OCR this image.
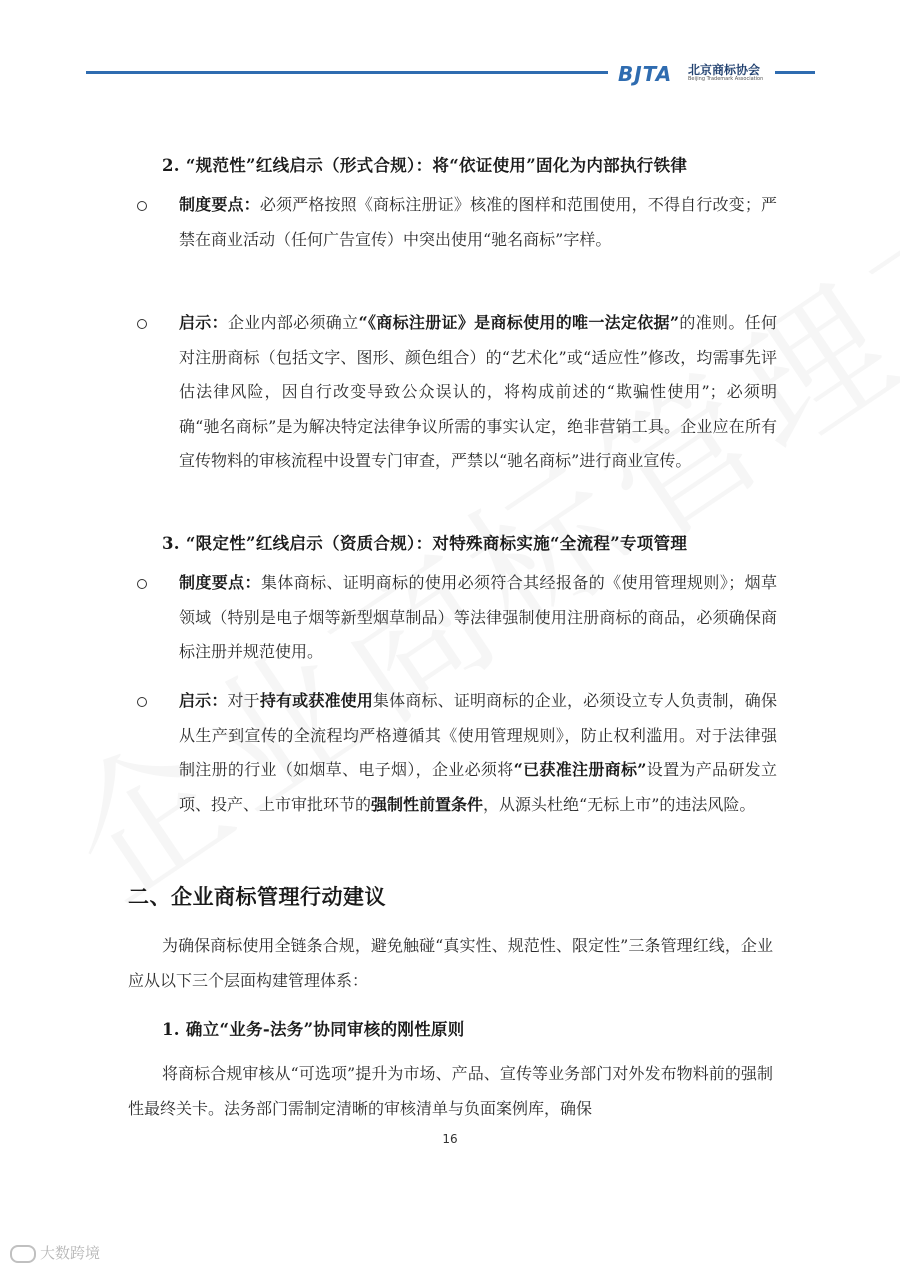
BJTA 北京商标协会
Beijing Trademark Association
2. “规范性”红线启示（形式合规）：将“依证使用”固化为内部执行铁律
制度要点：必须严格按照《商标注册证》核准的图样和范围使用，不得自行改变；严禁在商业活动（任何广告宣传）中突出使用“驰名商标”字样。
启示：企业内部必须确立“《商标注册证》是商标使用的唯一法定依据”的准则。任何对注册商标（包括文字、图形、颜色组合）的“艺术化”或“适应性”修改，均需事先评估法律风险，因自行改变导致公众误认的，将构成前述的“欺骗性使用”；必须明确“驰名商标”是为解决特定法律争议所需的事实认定，绝非营销工具。企业应在所有宣传物料的审核流程中设置专门审查，严禁以“驰名商标”进行商业宣传。
3. “限定性”红线启示（资质合规）：对特殊商标实施“全流程”专项管理
制度要点：集体商标、证明商标的使用必须符合其经报备的《使用管理规则》；烟草领域（特别是电子烟等新型烟草制品）等法律强制使用注册商标的商品，必须确保商标注册并规范使用。
启示：对于持有或获准使用集体商标、证明商标的企业，必须设立专人负责制，确保从生产到宣传的全流程均严格遵循其《使用管理规则》，防止权利滥用。对于法律强制注册的行业（如烟草、电子烟），企业必须将“已获准注册商标”设置为产品研发立项、投产、上市审批环节的强制性前置条件，从源头杜绝“无标上市”的违法风险。
二、企业商标管理行动建议
为确保商标使用全链条合规，避免触碰“真实性、规范性、限定性”三条管理红线，企业应从以下三个层面构建管理体系：
1. 确立“业务-法务”协同审核的刚性原则
将商标合规审核从“可选项”提升为市场、产品、宣传等业务部门对外发布物料前的强制性最终关卡。法务部门需制定清晰的审核清单与负面案例库，确保
16
大数跨境
